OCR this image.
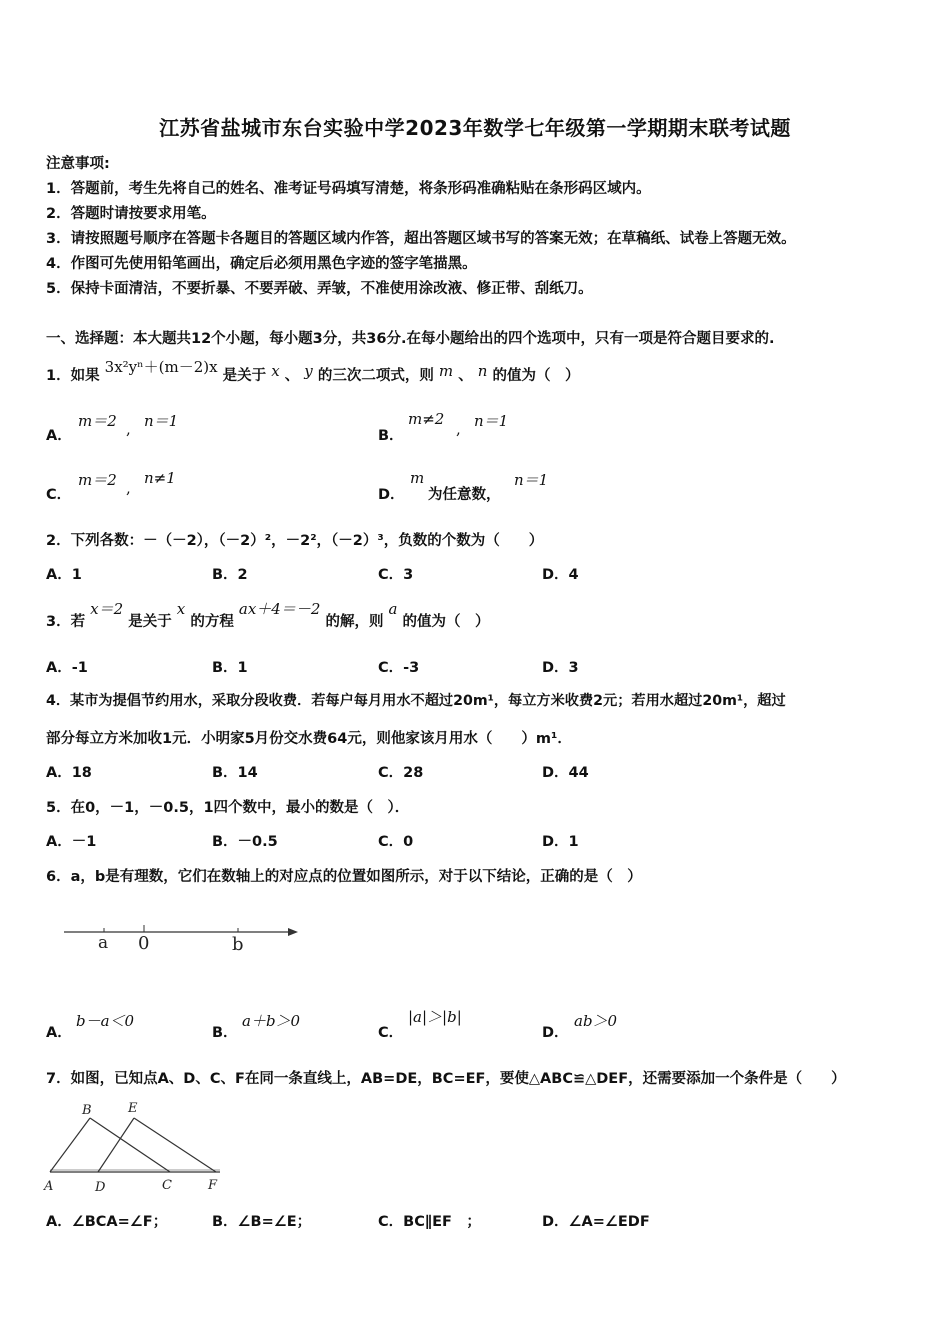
江苏省盐城市东台实验中学2023年数学七年级第一学期期末联考试题
注意事项:
1．答题前，考生先将自己的姓名、准考证号码填写清楚，将条形码准确粘贴在条形码区域内。
2．答题时请按要求用笔。
3．请按照题号顺序在答题卡各题目的答题区域内作答，超出答题区域书写的答案无效；在草稿纸、试卷上答题无效。
4．作图可先使用铅笔画出，确定后必须用黑色字迹的签字笔描黑。
5．保持卡面清洁，不要折暴、不要弄破、弄皱，不准使用涂改液、修正带、刮纸刀。
一、选择题：本大题共12个小题，每小题3分，共36分.在每小题给出的四个选项中，只有一项是符合题目要求的.
1．如果 3x²yⁿ＋(m－2)x 是关于 x 、 y 的三次二项式，则 m 、 n 的值为（　）
A．
m＝2 , n＝1
B．
m≠2
, n＝1
C．
m＝2 ,
n≠1
D．
m
为任意数，
n＝1
2．下列各数：－（－2），（－2）²，－2²，（－2）³，负数的个数为（　　）
A．1	B．2	C．3	D．4
3．若 x＝2 是关于 x 的方程 ax＋4＝－2 的解，则 a 的值为（　）
A．-1	B．1	C．-3	D．3
4．某市为提倡节约用水，采取分段收费．若每户每月用水不超过20m¹，每立方米收费2元；若用水超过20m¹，超过
部分每立方米加收1元．小明家5月份交水费64元，则他家该月用水（　　）m¹．
A．18	B．14	C．28	D．44
5．在0，－1，－0.5，1四个数中，最小的数是（　）．
A．－1	B．－0.5	C．0	D．1
6．a，b是有理数，它们在数轴上的对应点的位置如图所示，对于以下结论，正确的是（　）
a 0	b
A．
b－a＜0
B．
a＋b＞0
C．
|a|＞|b|
D．
ab＞0
7．如图，已知点A、D、C、F在同一条直线上，AB=DE，BC=EF，要使△ABC≌△DEF，还需要添加一个条件是（　　）
B	E
A	D	C	F
A．∠BCA=∠F；	B．∠B=∠E；	C．BC∥EF　；	D．∠A=∠EDF
